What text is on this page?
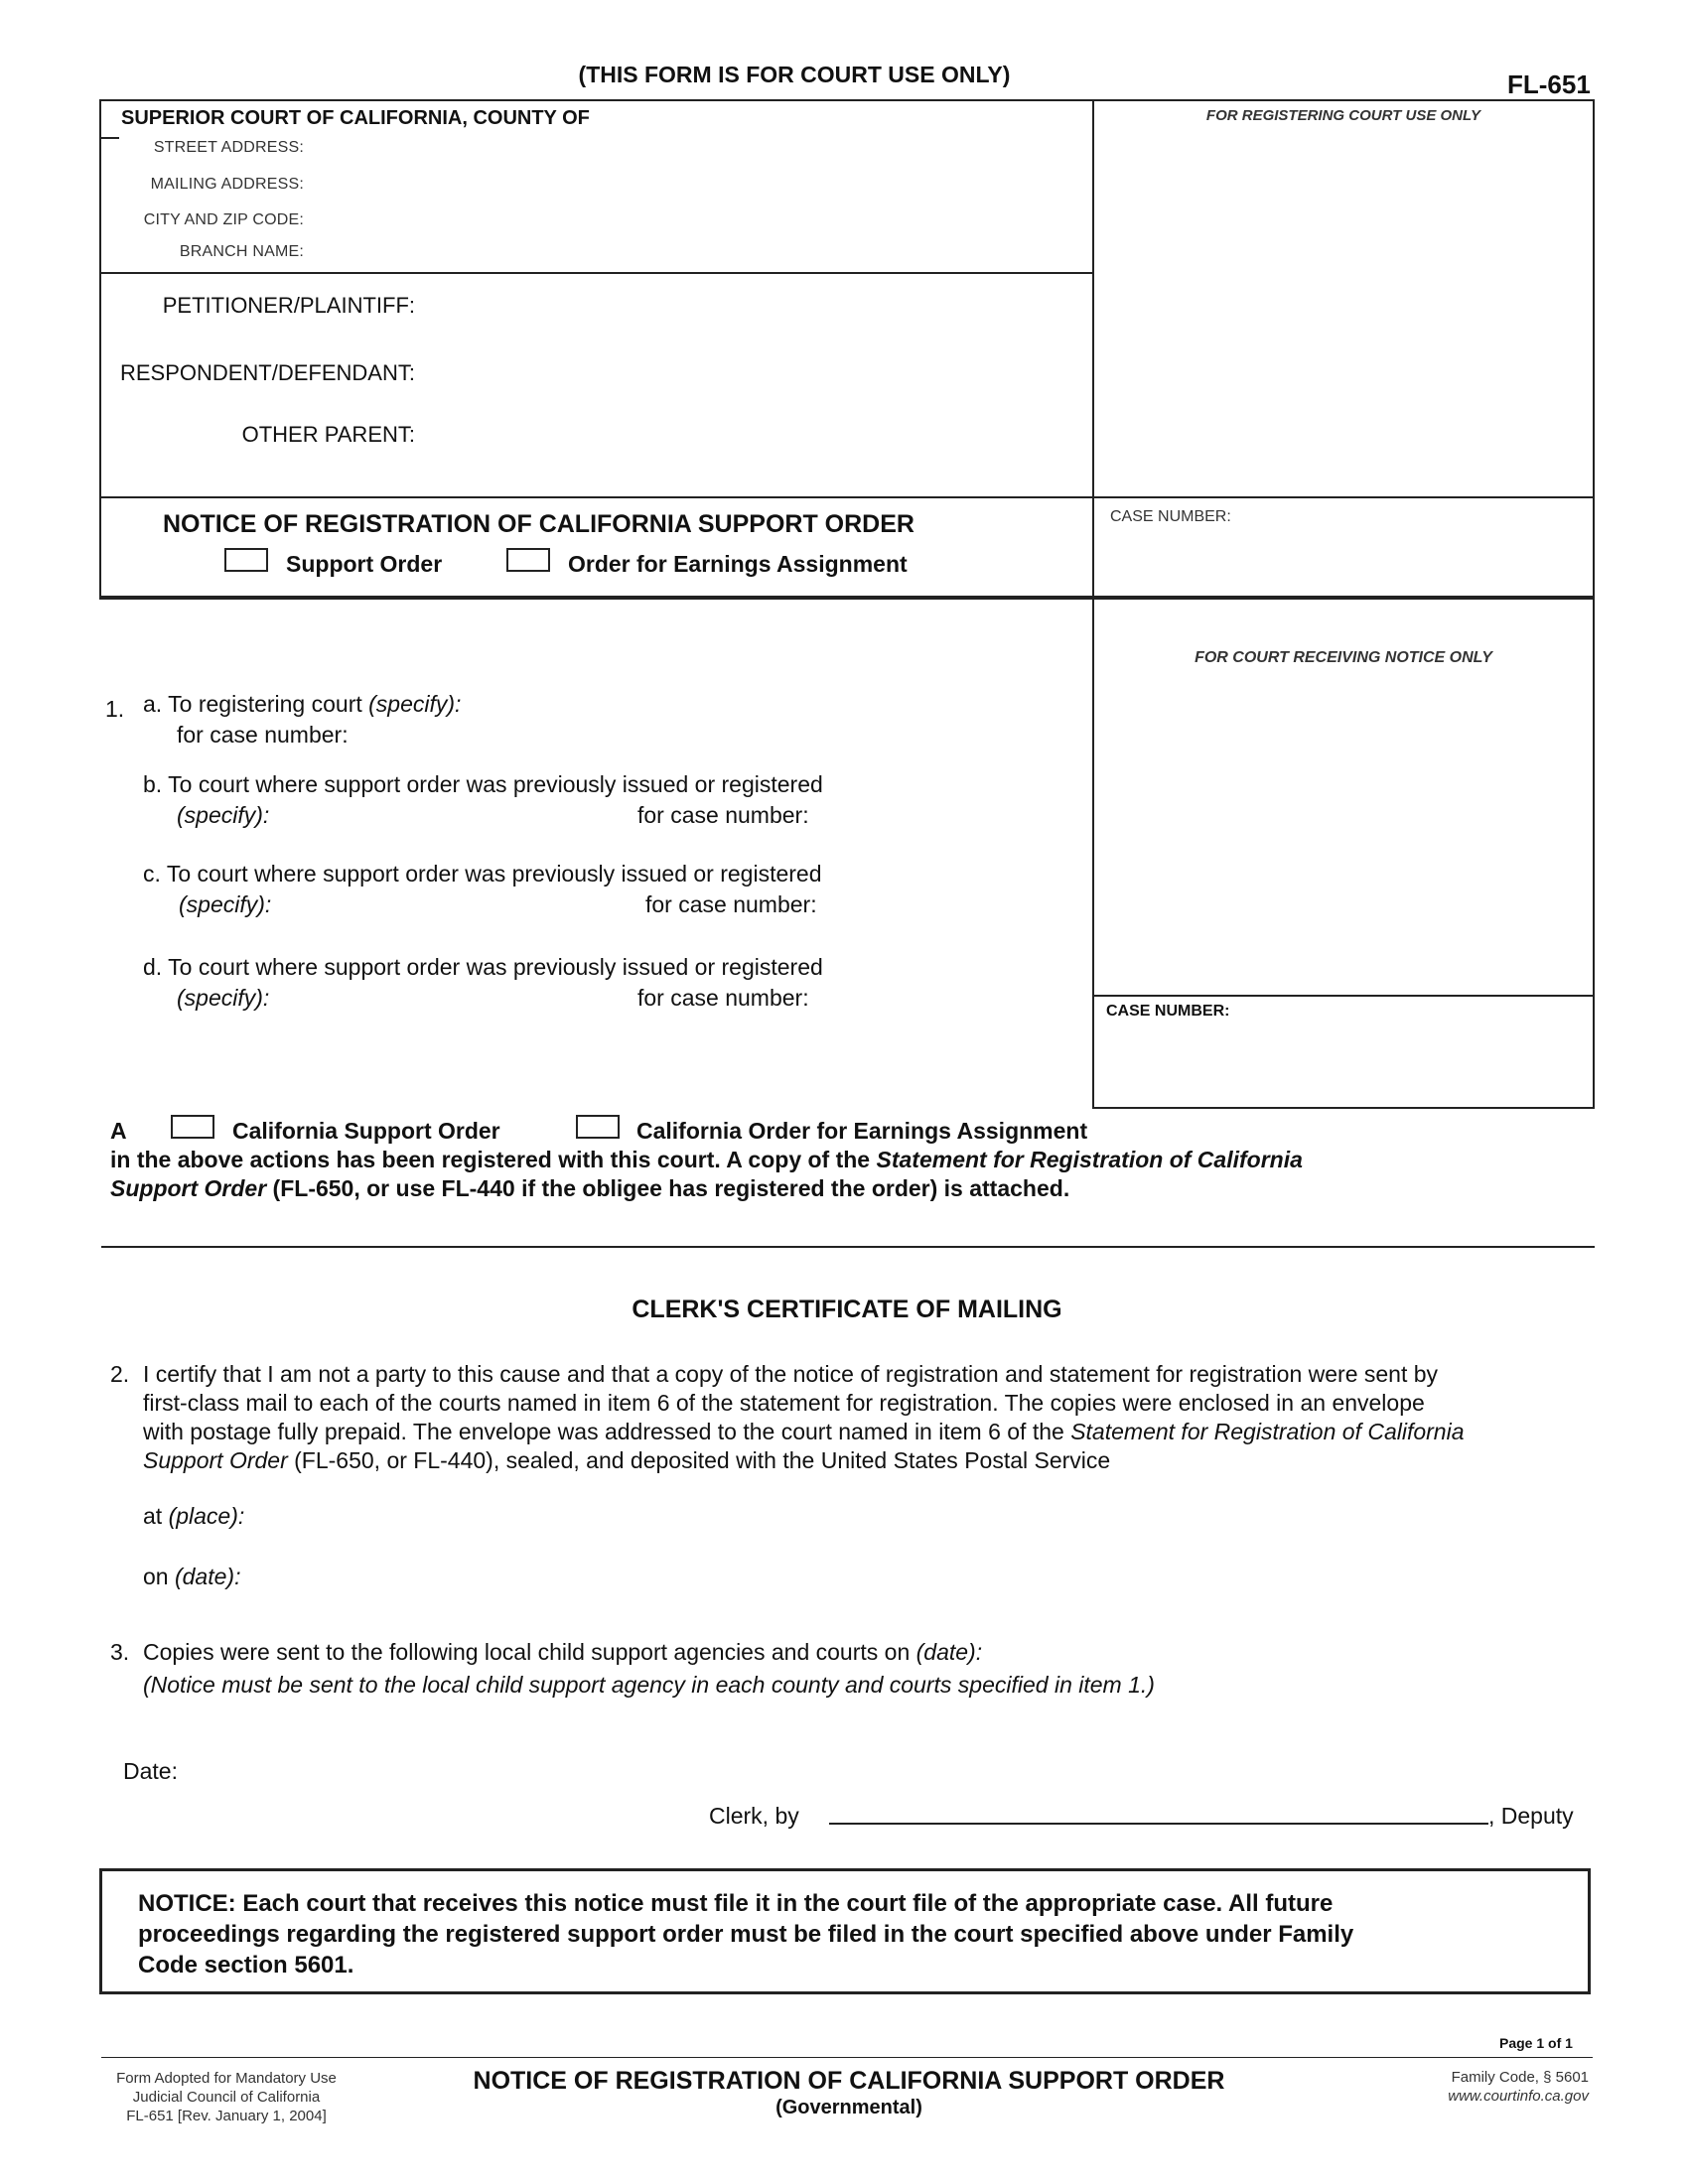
(THIS FORM IS FOR COURT USE ONLY)	FL-651
SUPERIOR COURT OF CALIFORNIA, COUNTY OF
STREET ADDRESS:
MAILING ADDRESS:
CITY AND ZIP CODE:
BRANCH NAME:
FOR REGISTERING COURT USE ONLY
PETITIONER/PLAINTIFF:
RESPONDENT/DEFENDANT:
OTHER PARENT:
NOTICE OF REGISTRATION OF CALIFORNIA SUPPORT ORDER
Support Order	Order for Earnings Assignment
CASE NUMBER:
FOR COURT RECEIVING NOTICE ONLY
CASE NUMBER:
1. a. To registering court (specify):
for case number:
b. To court where support order was previously issued or registered
(specify):	for case number:
c. To court where support order was previously issued or registered
(specify):	for case number:
d. To court where support order was previously issued or registered
(specify):	for case number:
A	California Support Order	California Order for Earnings Assignment
in the above actions has been registered with this court. A copy of the Statement for Registration of California
Support Order (FL-650, or use FL-440 if the obligee has registered the order) is attached.
CLERK'S CERTIFICATE OF MAILING
2. I certify that I am not a party to this cause and that a copy of the notice of registration and statement for registration were sent by
first-class mail to each of the courts named in item 6 of the statement for registration. The copies were enclosed in an envelope
with postage fully prepaid. The envelope was addressed to the court named in item 6 of the Statement for Registration of California
Support Order (FL-650, or FL-440), sealed, and deposited with the United States Postal Service
at (place):
on (date):
3. Copies were sent to the following local child support agencies and courts on (date):
(Notice must be sent to the local child support agency in each county and courts specified in item 1.)
Date:
Clerk, by	, Deputy
NOTICE: Each court that receives this notice must file it in the court file of the appropriate case. All future
proceedings regarding the registered support order must be filed in the court specified above under Family
Code section 5601.
Page 1 of 1
Form Adopted for Mandatory Use
Judicial Council of California
FL-651 [Rev. January 1, 2004]
NOTICE OF REGISTRATION OF CALIFORNIA SUPPORT ORDER
(Governmental)
Family Code, § 5601
www.courtinfo.ca.gov
